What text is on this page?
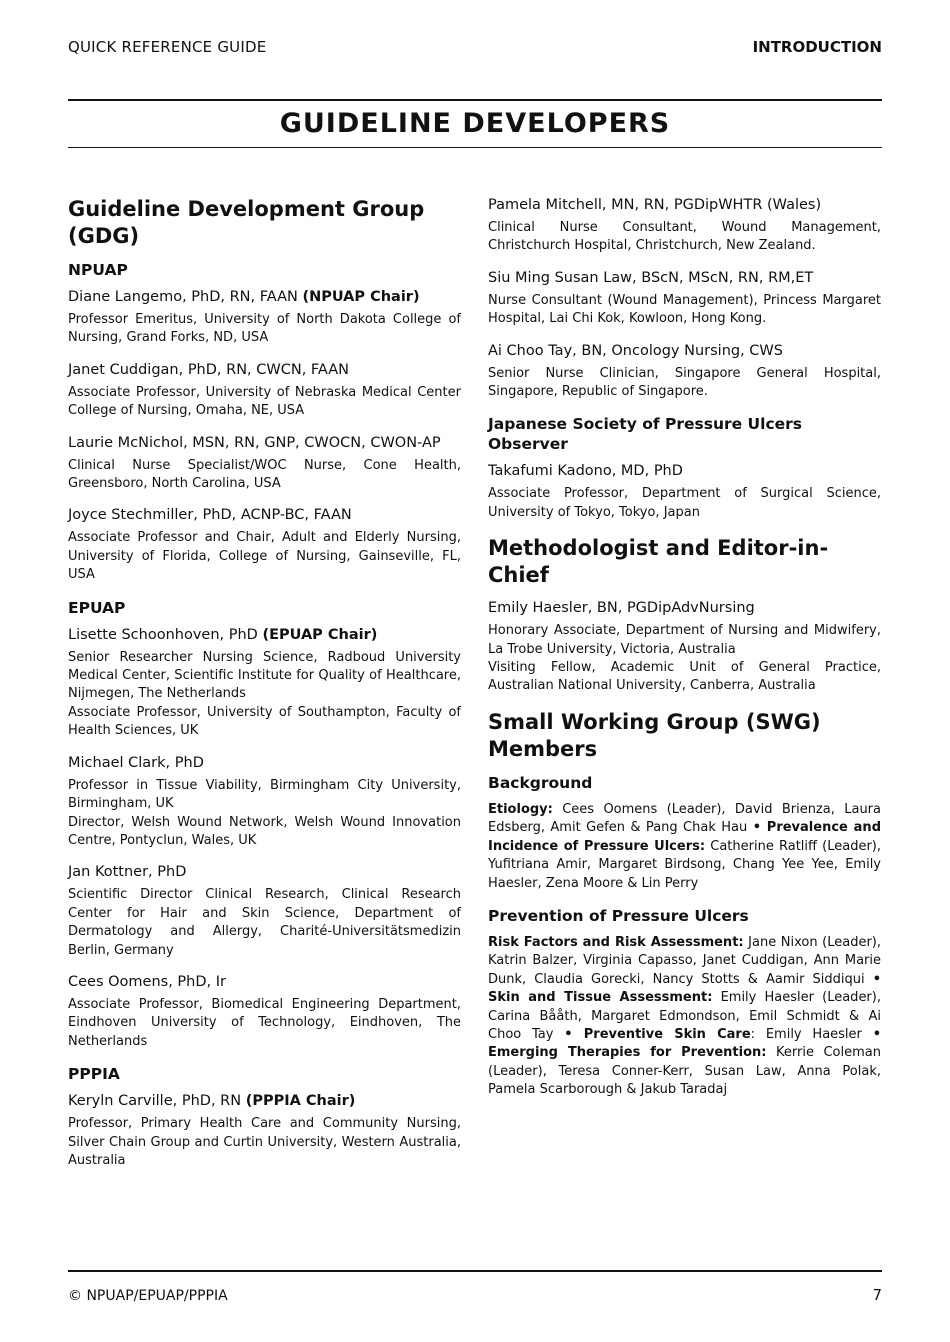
QUICK REFERENCE GUIDE	INTRODUCTION
GUIDELINE DEVELOPERS
Guideline Development Group (GDG)
NPUAP
Diane Langemo, PhD, RN, FAAN (NPUAP Chair)
Professor Emeritus, University of North Dakota College of Nursing, Grand Forks, ND, USA
Janet Cuddigan, PhD, RN, CWCN, FAAN
Associate Professor, University of Nebraska Medical Center College of Nursing, Omaha, NE, USA
Laurie McNichol, MSN, RN, GNP, CWOCN, CWON-AP
Clinical Nurse Specialist/WOC Nurse, Cone Health, Greensboro, North Carolina, USA
Joyce Stechmiller, PhD, ACNP-BC, FAAN
Associate Professor and Chair, Adult and Elderly Nursing, University of Florida, College of Nursing, Gainseville, FL, USA
EPUAP
Lisette Schoonhoven, PhD (EPUAP Chair)
Senior Researcher Nursing Science, Radboud University Medical Center, Scientific Institute for Quality of Healthcare, Nijmegen, The Netherlands
Associate Professor, University of Southampton, Faculty of Health Sciences, UK
Michael Clark, PhD
Professor in Tissue Viability, Birmingham City University, Birmingham, UK
Director, Welsh Wound Network, Welsh Wound Innovation Centre, Pontyclun, Wales, UK
Jan Kottner, PhD
Scientific Director Clinical Research, Clinical Research Center for Hair and Skin Science, Department of Dermatology and Allergy, Charité-Universitätsmedizin Berlin, Germany
Cees Oomens, PhD, Ir
Associate Professor, Biomedical Engineering Department, Eindhoven University of Technology, Eindhoven, The Netherlands
PPPIA
Keryln Carville, PhD, RN (PPPIA Chair)
Professor, Primary Health Care and Community Nursing, Silver Chain Group and Curtin University, Western Australia, Australia
Pamela Mitchell, MN, RN, PGDipWHTR (Wales)
Clinical Nurse Consultant, Wound Management, Christchurch Hospital, Christchurch, New Zealand.
Siu Ming Susan Law, BScN, MScN, RN, RM,ET
Nurse Consultant (Wound Management), Princess Margaret Hospital, Lai Chi Kok, Kowloon, Hong Kong.
Ai Choo Tay, BN, Oncology Nursing, CWS
Senior Nurse Clinician, Singapore General Hospital, Singapore, Republic of Singapore.
Japanese Society of Pressure Ulcers Observer
Takafumi Kadono, MD, PhD
Associate Professor, Department of Surgical Science, University of Tokyo, Tokyo, Japan
Methodologist and Editor-in-Chief
Emily Haesler, BN, PGDipAdvNursing
Honorary Associate, Department of Nursing and Midwifery, La Trobe University, Victoria, Australia
Visiting Fellow, Academic Unit of General Practice, Australian National University, Canberra, Australia
Small Working Group (SWG) Members
Background
Etiology: Cees Oomens (Leader), David Brienza, Laura Edsberg, Amit Gefen & Pang Chak Hau • Prevalence and Incidence of Pressure Ulcers: Catherine Ratliff (Leader), Yufitriana Amir, Margaret Birdsong, Chang Yee Yee, Emily Haesler, Zena Moore & Lin Perry
Prevention of Pressure Ulcers
Risk Factors and Risk Assessment: Jane Nixon (Leader), Katrin Balzer, Virginia Capasso, Janet Cuddigan, Ann Marie Dunk, Claudia Gorecki, Nancy Stotts & Aamir Siddiqui • Skin and Tissue Assessment: Emily Haesler (Leader), Carina Bååth, Margaret Edmondson, Emil Schmidt & Ai Choo Tay • Preventive Skin Care: Emily Haesler • Emerging Therapies for Prevention: Kerrie Coleman (Leader), Teresa Conner-Kerr, Susan Law, Anna Polak, Pamela Scarborough & Jakub Taradaj
© NPUAP/EPUAP/PPPIA	7
